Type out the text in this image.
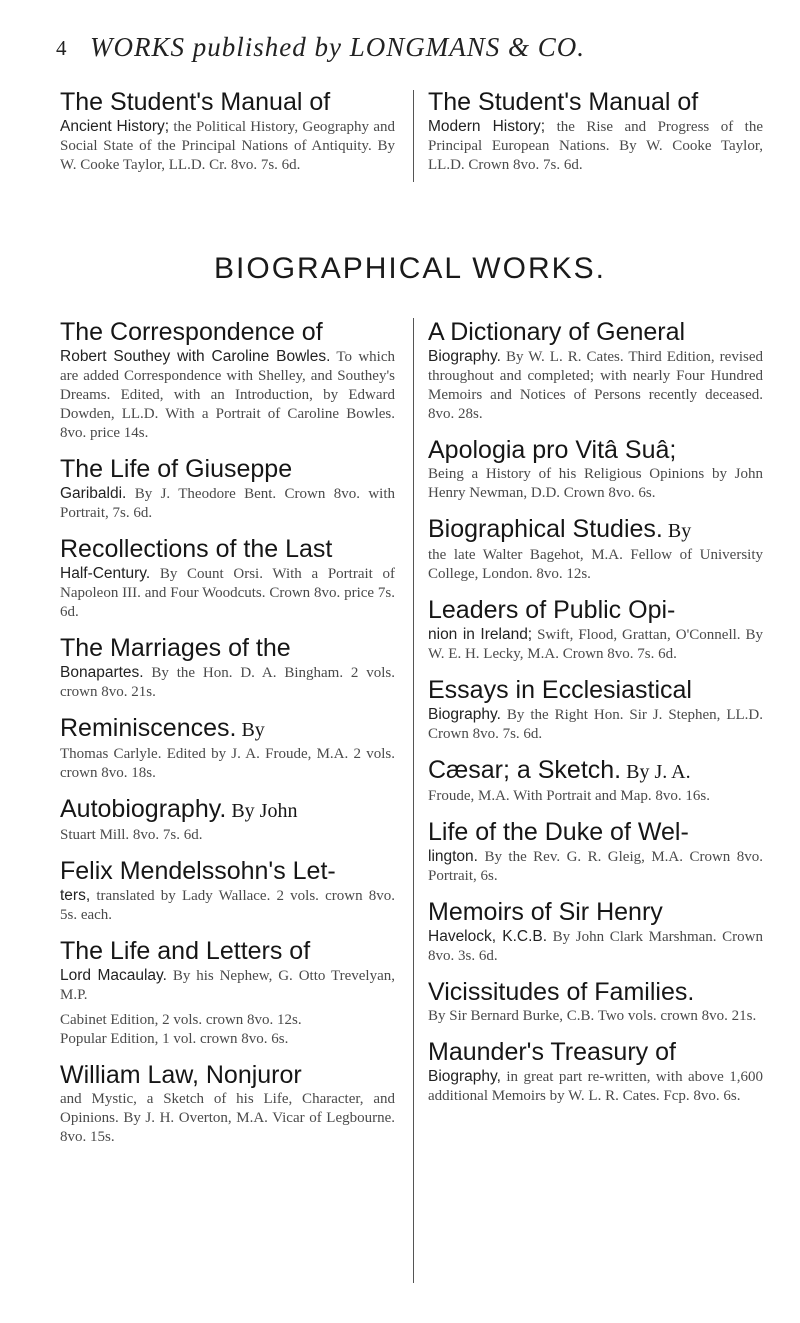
4 WORKS published by LONGMANS & CO.
The Student's Manual of
Ancient History; the Political History, Geography and Social State of the Principal Nations of Antiquity. By W. Cooke Taylor, LL.D. Cr. 8vo. 7s. 6d.
The Student's Manual of
Modern History; the Rise and Progress of the Principal European Nations. By W. Cooke Taylor, LL.D. Crown 8vo. 7s. 6d.
BIOGRAPHICAL WORKS.
The Correspondence of
Robert Southey with Caroline Bowles. To which are added Correspondence with Shelley, and Southey's Dreams. Edited, with an Introduction, by Edward Dowden, LL.D. With a Portrait of Caroline Bowles. 8vo. price 14s.
The Life of Giuseppe
Garibaldi. By J. Theodore Bent. Crown 8vo. with Portrait, 7s. 6d.
Recollections of the Last
Half-Century. By Count Orsi. With a Portrait of Napoleon III. and Four Woodcuts. Crown 8vo. price 7s. 6d.
The Marriages of the
Bonapartes. By the Hon. D. A. Bingham. 2 vols. crown 8vo. 21s.
Reminiscences. By
Thomas Carlyle. Edited by J. A. Froude, M.A. 2 vols. crown 8vo. 18s.
Autobiography. By John
Stuart Mill. 8vo. 7s. 6d.
Felix Mendelssohn's Let-
ters, translated by Lady Wallace. 2 vols. crown 8vo. 5s. each.
The Life and Letters of
Lord Macaulay. By his Nephew, G. Otto Trevelyan, M.P.
Cabinet Edition, 2 vols. crown 8vo. 12s.
Popular Edition, 1 vol. crown 8vo. 6s.
William Law, Nonjuror
and Mystic, a Sketch of his Life, Character, and Opinions. By J. H. Overton, M.A. Vicar of Legbourne. 8vo. 15s.
A Dictionary of General
Biography. By W. L. R. Cates. Third Edition, revised throughout and completed; with nearly Four Hundred Memoirs and Notices of Persons recently deceased. 8vo. 28s.
Apologia pro Vitâ Suâ;
Being a History of his Religious Opinions by John Henry Newman, D.D. Crown 8vo. 6s.
Biographical Studies. By
the late Walter Bagehot, M.A. Fellow of University College, London. 8vo. 12s.
Leaders of Public Opi-
nion in Ireland; Swift, Flood, Grattan, O'Connell. By W. E. H. Lecky, M.A. Crown 8vo. 7s. 6d.
Essays in Ecclesiastical
Biography. By the Right Hon. Sir J. Stephen, LL.D. Crown 8vo. 7s. 6d.
Cæsar; a Sketch. By J. A.
Froude, M.A. With Portrait and Map. 8vo. 16s.
Life of the Duke of Wel-
lington. By the Rev. G. R. Gleig, M.A. Crown 8vo. Portrait, 6s.
Memoirs of Sir Henry
Havelock, K.C.B. By John Clark Marshman. Crown 8vo. 3s. 6d.
Vicissitudes of Families.
By Sir Bernard Burke, C.B. Two vols. crown 8vo. 21s.
Maunder's Treasury of
Biography, in great part re-written, with above 1,600 additional Memoirs by W. L. R. Cates. Fcp. 8vo. 6s.
